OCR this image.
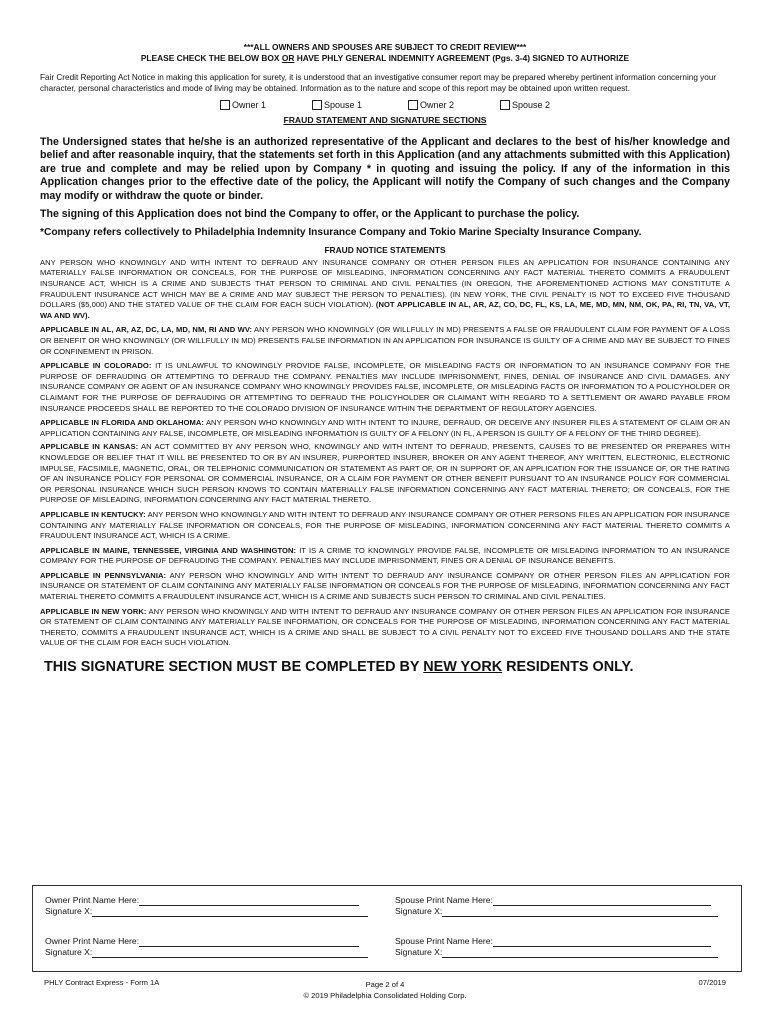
***ALL OWNERS AND SPOUSES ARE SUBJECT TO CREDIT REVIEW***
PLEASE CHECK THE BELOW BOX OR HAVE PHLY GENERAL INDEMNITY AGREEMENT (Pgs. 3-4) SIGNED TO AUTHORIZE
Fair Credit Reporting Act Notice in making this application for surety, it is understood that an investigative consumer report may be prepared whereby pertinent information concerning your character, personal characteristics and mode of living may be obtained. Information as to the nature and scope of this report may be obtained upon written request.
Owner 1	Spouse 1	Owner 2	Spouse 2
FRAUD STATEMENT AND SIGNATURE SECTIONS
The Undersigned states that he/she is an authorized representative of the Applicant and declares to the best of his/her knowledge and belief and after reasonable inquiry, that the statements set forth in this Application (and any attachments submitted with this Application) are true and complete and may be relied upon by Company * in quoting and issuing the policy. If any of the information in this Application changes prior to the effective date of the policy, the Applicant will notify the Company of such changes and the Company may modify or withdraw the quote or binder.
The signing of this Application does not bind the Company to offer, or the Applicant to purchase the policy.
*Company refers collectively to Philadelphia Indemnity Insurance Company and Tokio Marine Specialty Insurance Company.
FRAUD NOTICE STATEMENTS
ANY PERSON WHO KNOWINGLY AND WITH INTENT TO DEFRAUD ANY INSURANCE COMPANY OR OTHER PERSON FILES AN APPLICATION FOR INSURANCE CONTAINING ANY MATERIALLY FALSE INFORMATION OR CONCEALS, FOR THE PURPOSE OF MISLEADING, INFORMATION CONCERNING ANY FACT MATERIAL THERETO COMMITS A FRAUDULENT INSURANCE ACT, WHICH IS A CRIME AND SUBJECTS THAT PERSON TO CRIMINAL AND CIVIL PENALTIES (IN OREGON, THE AFOREMENTIONED ACTIONS MAY CONSTITUTE A FRAUDULENT INSURANCE ACT WHICH MAY BE A CRIME AND MAY SUBJECT THE PERSON TO PENALTIES). (IN NEW YORK, THE CIVIL PENALTY IS NOT TO EXCEED FIVE THOUSAND DOLLARS ($5,000) AND THE STATED VALUE OF THE CLAIM FOR EACH SUCH VIOLATION). (NOT APPLICABLE IN AL, AR, AZ, CO, DC, FL, KS, LA, ME, MD, MN, NM, OK, PA, RI, TN, VA, VT, WA AND WV).
APPLICABLE IN AL, AR, AZ, DC, LA, MD, NM, RI AND WV: ANY PERSON WHO KNOWINGLY (OR WILLFULLY IN MD) PRESENTS A FALSE OR FRAUDULENT CLAIM FOR PAYMENT OF A LOSS OR BENEFIT OR WHO KNOWINGLY (OR WILLFULLY IN MD) PRESENTS FALSE INFORMATION IN AN APPLICATION FOR INSURANCE IS GUILTY OF A CRIME AND MAY BE SUBJECT TO FINES OR CONFINEMENT IN PRISON.
APPLICABLE IN COLORADO: IT IS UNLAWFUL TO KNOWINGLY PROVIDE FALSE, INCOMPLETE, OR MISLEADING FACTS OR INFORMATION TO AN INSURANCE COMPANY FOR THE PURPOSE OF DEFRAUDING OR ATTEMPTING TO DEFRAUD THE COMPANY. PENALTIES MAY INCLUDE IMPRISONMENT, FINES, DENIAL OF INSURANCE AND CIVIL DAMAGES. ANY INSURANCE COMPANY OR AGENT OF AN INSURANCE COMPANY WHO KNOWINGLY PROVIDES FALSE, INCOMPLETE, OR MISLEADING FACTS OR INFORMATION TO A POLICYHOLDER OR CLAIMANT FOR THE PURPOSE OF DEFRAUDING OR ATTEMPTING TO DEFRAUD THE POLICYHOLDER OR CLAIMANT WITH REGARD TO A SETTLEMENT OR AWARD PAYABLE FROM INSURANCE PROCEEDS SHALL BE REPORTED TO THE COLORADO DIVISION OF INSURANCE WITHIN THE DEPARTMENT OF REGULATORY AGENCIES.
APPLICABLE IN FLORIDA AND OKLAHOMA: ANY PERSON WHO KNOWINGLY AND WITH INTENT TO INJURE, DEFRAUD, OR DECEIVE ANY INSURER FILES A STATEMENT OF CLAIM OR AN APPLICATION CONTAINING ANY FALSE, INCOMPLETE, OR MISLEADING INFORMATION IS GUILTY OF A FELONY (IN FL, A PERSON IS GUILTY OF A FELONY OF THE THIRD DEGREE).
APPLICABLE IN KANSAS: AN ACT COMMITTED BY ANY PERSON WHO, KNOWINGLY AND WITH INTENT TO DEFRAUD, PRESENTS, CAUSES TO BE PRESENTED OR PREPARES WITH KNOWLEDGE OR BELIEF THAT IT WILL BE PRESENTED TO OR BY AN INSURER, PURPORTED INSURER, BROKER OR ANY AGENT THEREOF, ANY WRITTEN, ELECTRONIC, ELECTRONIC IMPULSE, FACSIMILE, MAGNETIC, ORAL, OR TELEPHONIC COMMUNICATION OR STATEMENT AS PART OF, OR IN SUPPORT OF, AN APPLICATION FOR THE ISSUANCE OF, OR THE RATING OF AN INSURANCE POLICY FOR PERSONAL OR COMMERCIAL INSURANCE, OR A CLAIM FOR PAYMENT OR OTHER BENEFIT PURSUANT TO AN INSURANCE POLICY FOR COMMERCIAL OR PERSONAL INSURANCE WHICH SUCH PERSON KNOWS TO CONTAIN MATERIALLY FALSE INFORMATION CONCERNING ANY FACT MATERIAL THERETO; OR CONCEALS, FOR THE PURPOSE OF MISLEADING, INFORMATION CONCERNING ANY FACT MATERIAL THERETO.
APPLICABLE IN KENTUCKY: ANY PERSON WHO KNOWINGLY AND WITH INTENT TO DEFRAUD ANY INSURANCE COMPANY OR OTHER PERSONS FILES AN APPLICATION FOR INSURANCE CONTAINING ANY MATERIALLY FALSE INFORMATION OR CONCEALS, FOR THE PURPOSE OF MISLEADING, INFORMATION CONCERNING ANY FACT MATERIAL THERETO COMMITS A FRAUDULENT INSURANCE ACT, WHICH IS A CRIME.
APPLICABLE IN MAINE, TENNESSEE, VIRGINIA AND WASHINGTON: IT IS A CRIME TO KNOWINGLY PROVIDE FALSE, INCOMPLETE OR MISLEADING INFORMATION TO AN INSURANCE COMPANY FOR THE PURPOSE OF DEFRAUDING THE COMPANY. PENALTIES MAY INCLUDE IMPRISONMENT, FINES OR A DENIAL OF INSURANCE BENEFITS.
APPLICABLE IN PENNSYLVANIA: ANY PERSON WHO KNOWINGLY AND WITH INTENT TO DEFRAUD ANY INSURANCE COMPANY OR OTHER PERSON FILES AN APPLICATION FOR INSURANCE OR STATEMENT OF CLAIM CONTAINING ANY MATERIALLY FALSE INFORMATION OR CONCEALS FOR THE PURPOSE OF MISLEADING, INFORMATION CONCERNING ANY FACT MATERIAL THERETO COMMITS A FRAUDULENT INSURANCE ACT, WHICH IS A CRIME AND SUBJECTS SUCH PERSON TO CRIMINAL AND CIVIL PENALTIES.
APPLICABLE IN NEW YORK: ANY PERSON WHO KNOWINGLY AND WITH INTENT TO DEFRAUD ANY INSURANCE COMPANY OR OTHER PERSON FILES AN APPLICATION FOR INSURANCE OR STATEMENT OF CLAIM CONTAINING ANY MATERIALLY FALSE INFORMATION, OR CONCEALS FOR THE PURPOSE OF MISLEADING, INFORMATION CONCERNING ANY FACT MATERIAL THERETO, COMMITS A FRAUDULENT INSURANCE ACT, WHICH IS A CRIME AND SHALL BE SUBJECT TO A CIVIL PENALTY NOT TO EXCEED FIVE THOUSAND DOLLARS AND THE STATE VALUE OF THE CLAIM FOR EACH SUCH VIOLATION.
THIS SIGNATURE SECTION MUST BE COMPLETED BY NEW YORK RESIDENTS ONLY.
Owner Print Name Here:
Signature X:
Spouse Print Name Here:
Signature X:
Owner Print Name Here:
Signature X:
Spouse Print Name Here:
Signature X:
PHLY Contract Express - Form 1A	Page 2 of 4
© 2019 Philadelphia Consolidated Holding Corp.
07/2019
